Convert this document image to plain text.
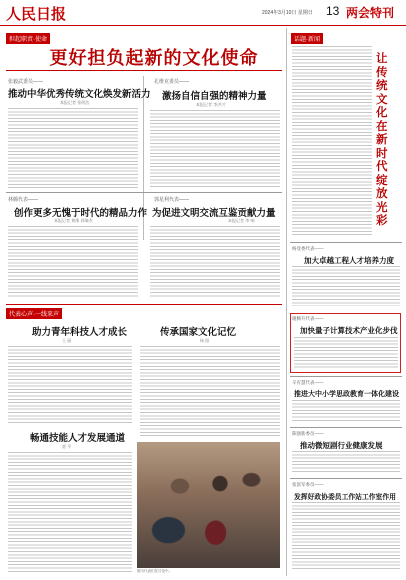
人民日报	2024年3月10日 星期日 13 两会特刊
担起职责·使命
更好担负起新的文化使命
张毅武委员——
推动中华优秀传统文化焕发新活力
本报记者 张明浩
孔维克委员——
激扬自信自强的精神力量
本报记者 李洪兴
林腾代表——
创作更多无愧于时代的精品力作
本报记者 黄维 郭瑞杰
郭星利代表——
为促进文明交流互鉴贡献力量
本报记者 李 响
代表心声·一线来声
助力青年科技人才成长
王 丽
传承国家文化记忆
杨 阳
畅通技能人才发展通道
贾 平
图为代表们在讨论中。
话题·新闻
让传统文化在新时代绽放光彩
杨登委代表——
加大卓越工程人才培养力度
谢腾升代表——
加快量子计算技术产业化步伐
辛有慧代表——
推进大中小学思政教育一体化建设
陈强新委员——
推动微短剧行业健康发展
张富军委员——
发挥好政协委员工作站工作室作用
